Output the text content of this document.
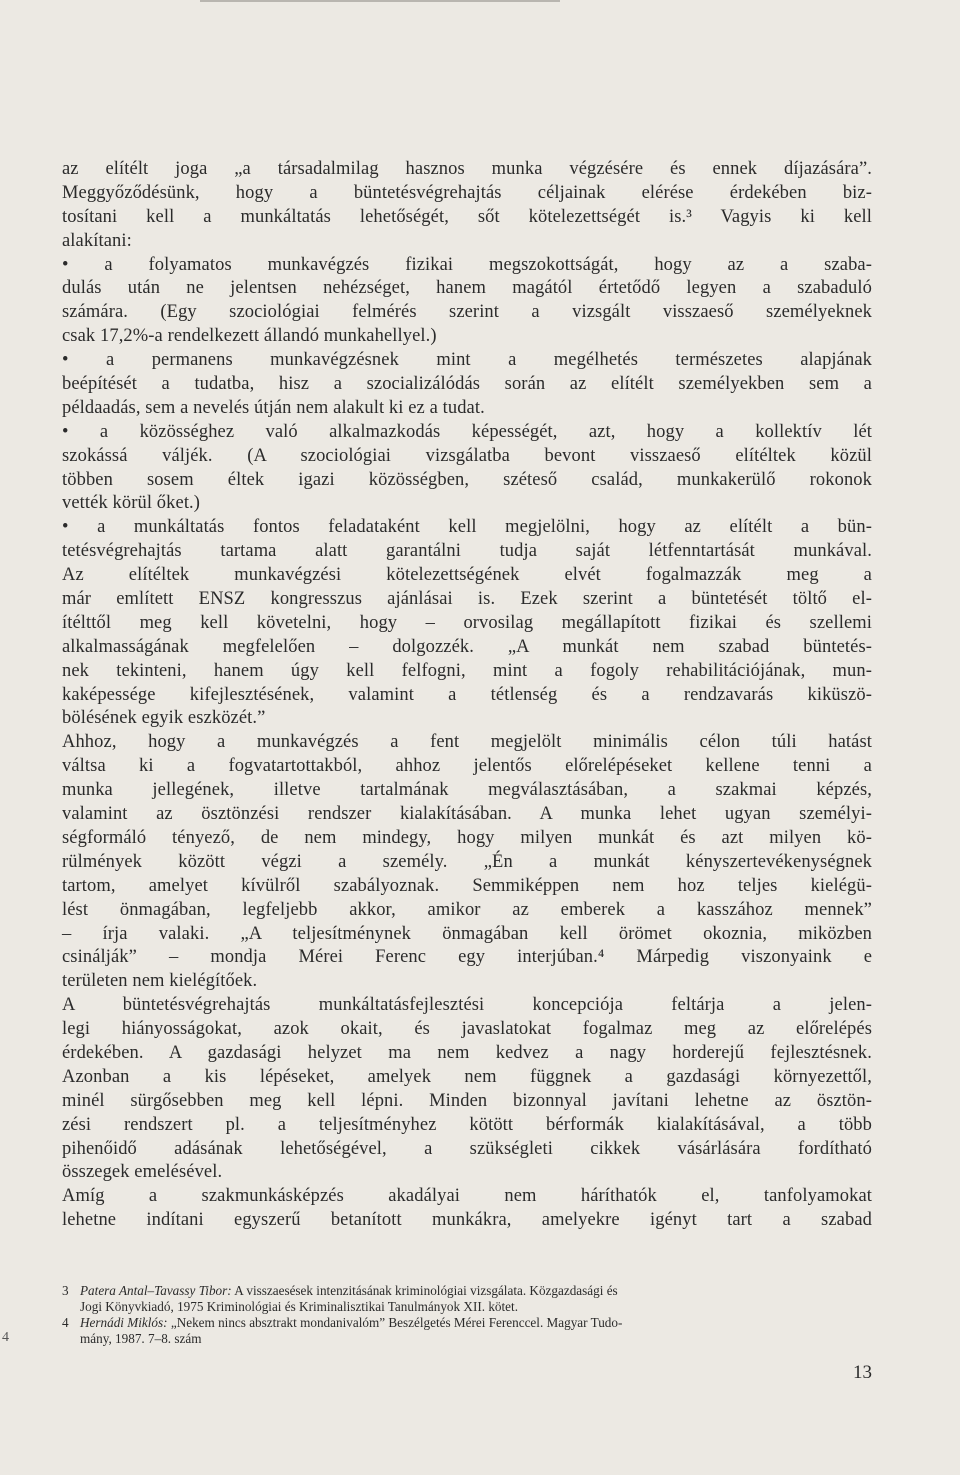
4
az elítélt joga „a társadalmilag hasznos munka végzésére és ennek díjazására”.
Meggyőződésünk, hogy a büntetésvégrehajtás céljainak elérése érdekében biz-
tosítani kell a munkáltatás lehetőségét, sőt kötelezettségét is.³ Vagyis ki kell
alakítani:
• a folyamatos munkavégzés fizikai megszokottságát, hogy az a szaba-
dulás után ne jelentsen nehézséget, hanem magától értetődő legyen a szabaduló
számára. (Egy szociológiai felmérés szerint a vizsgált visszaeső személyeknek
csak 17,2%-a rendelkezett állandó munkahellyel.)
• a permanens munkavégzésnek mint a megélhetés természetes alapjának
beépítését a tudatba, hisz a szocializálódás során az elítélt személyekben sem a
példaadás, sem a nevelés útján nem alakult ki ez a tudat.
• a közösséghez való alkalmazkodás képességét, azt, hogy a kollektív lét
szokássá váljék. (A szociológiai vizsgálatba bevont visszaeső elítéltek közül
többen sosem éltek igazi közösségben, széteső család, munkakerülő rokonok
vették körül őket.)
• a munkáltatás fontos feladataként kell megjelölni, hogy az elítélt a bün-
tetésvégrehajtás tartama alatt garantálni tudja saját létfenntartását munkával.
Az elítéltek munkavégzési kötelezettségének elvét fogalmazzák meg a
már említett ENSZ kongresszus ajánlásai is. Ezek szerint a büntetését töltő el-
ítélttől meg kell követelni, hogy – orvosilag megállapított fizikai és szellemi
alkalmasságának megfelelően – dolgozzék. „A munkát nem szabad büntetés-
nek tekinteni, hanem úgy kell felfogni, mint a fogoly rehabilitációjának, mun-
kaképessége kifejlesztésének, valamint a tétlenség és a rendzavarás kiküszö-
bölésének egyik eszközét.”
Ahhoz, hogy a munkavégzés a fent megjelölt minimális célon túli hatást
váltsa ki a fogvatartottakból, ahhoz jelentős előrelépéseket kellene tenni a
munka jellegének, illetve tartalmának megválasztásában, a szakmai képzés,
valamint az ösztönzési rendszer kialakításában. A munka lehet ugyan személyi-
ségformáló tényező, de nem mindegy, hogy milyen munkát és azt milyen kö-
rülmények között végzi a személy. „Én a munkát kényszertevékenységnek
tartom, amelyet kívülről szabályoznak. Semmiképpen nem hoz teljes kielégü-
lést önmagában, legfeljebb akkor, amikor az emberek a kasszához mennek”
– írja valaki. „A teljesítménynek önmagában kell örömet okoznia, miközben
csinálják” – mondja Mérei Ferenc egy interjúban.⁴ Márpedig viszonyaink e
területen nem kielégítőek.
A büntetésvégrehajtás munkáltatásfejlesztési koncepciója feltárja a jelen-
legi hiányosságokat, azok okait, és javaslatokat fogalmaz meg az előrelépés
érdekében. A gazdasági helyzet ma nem kedvez a nagy horderejű fejlesztésnek.
Azonban a kis lépéseket, amelyek nem függnek a gazdasági környezettől,
minél sürgősebben meg kell lépni. Minden bizonnyal javítani lehetne az ösztön-
zési rendszert pl. a teljesítményhez kötött bérformák kialakításával, a több
pihenőidő adásának lehetőségével, a szükségleti cikkek vásárlására fordítható
összegek emelésével.
Amíg a szakmunkásképzés akadályai nem háríthatók el, tanfolyamokat
lehetne indítani egyszerű betanított munkákra, amelyekre igényt tart a szabad
3 Patera Antal–Tavassy Tibor: A visszaesések intenzitásának kriminológiai vizsgálata. Közgazdasági és
Jogi Könyvkiadó, 1975 Kriminológiai és Kriminalisztikai Tanulmányok XII. kötet.
4 Hernádi Miklós: „Nekem nincs absztrakt mondanivalóm” Beszélgetés Mérei Ferenccel. Magyar Tudo-
mány, 1987. 7–8. szám
13
